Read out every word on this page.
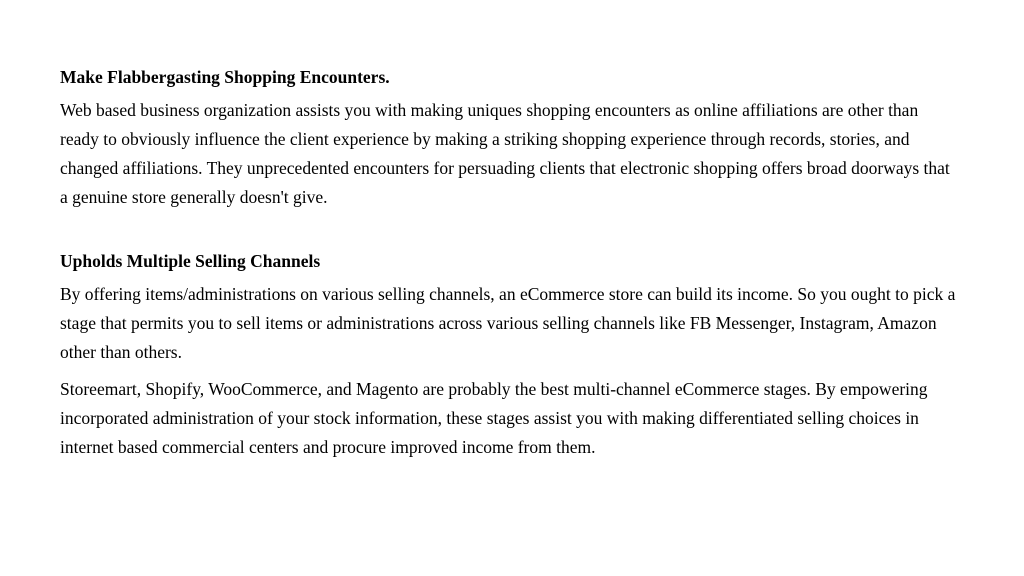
Make Flabbergasting Shopping Encounters.

Web based business organization assists you with making uniques shopping encounters as online affiliations are other than ready to obviously influence the client experience by making a striking shopping experience through records, stories, and changed affiliations. They unprecedented encounters for persuading clients that electronic shopping offers broad doorways that a genuine store generally doesn't give.

Upholds Multiple Selling Channels

By offering items/administrations on various selling channels, an eCommerce store can build its income. So you ought to pick a stage that permits you to sell items or administrations across various selling channels like FB Messenger, Instagram, Amazon other than others.

Storeemart, Shopify, WooCommerce, and Magento are probably the best multi-channel eCommerce stages. By empowering incorporated administration of your stock information, these stages assist you with making differentiated selling choices in internet based commercial centers and procure improved income from them.
